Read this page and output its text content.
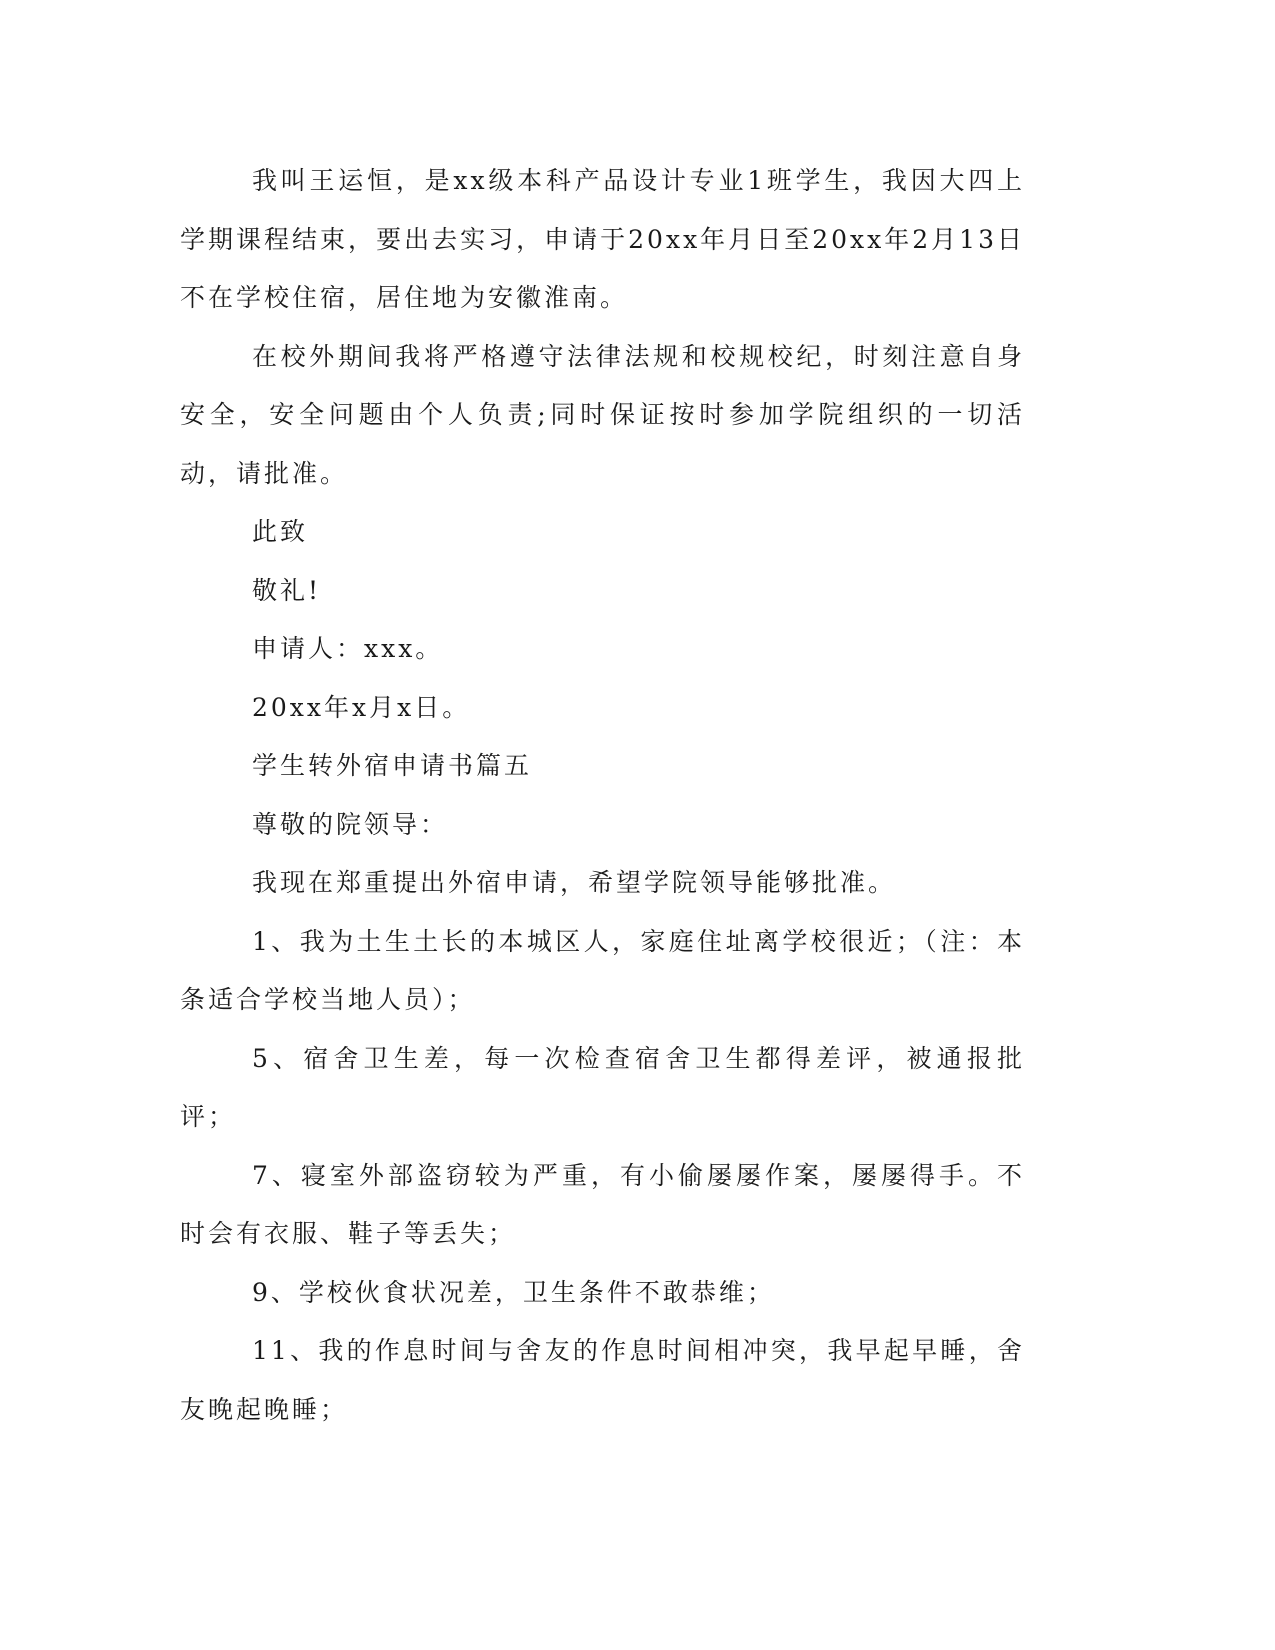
我叫王运恒，是xx级本科产品设计专业1班学生，我因大四上学期课程结束，要出去实习，申请于20xx年月日至20xx年2月13日不在学校住宿，居住地为安徽淮南。

在校外期间我将严格遵守法律法规和校规校纪，时刻注意自身安全，安全问题由个人负责;同时保证按时参加学院组织的一切活动，请批准。

此致

敬礼!

申请人：xxx。

20xx年x月x日。

学生转外宿申请书篇五

尊敬的院领导：

我现在郑重提出外宿申请，希望学院领导能够批准。

1、我为土生土长的本城区人，家庭住址离学校很近；（注：本条适合学校当地人员）；

5、宿舍卫生差，每一次检查宿舍卫生都得差评，被通报批评；

7、寝室外部盗窃较为严重，有小偷屡屡作案，屡屡得手。不时会有衣服、鞋子等丢失；

9、学校伙食状况差，卫生条件不敢恭维；

11、我的作息时间与舍友的作息时间相冲突，我早起早睡，舍友晚起晚睡；
